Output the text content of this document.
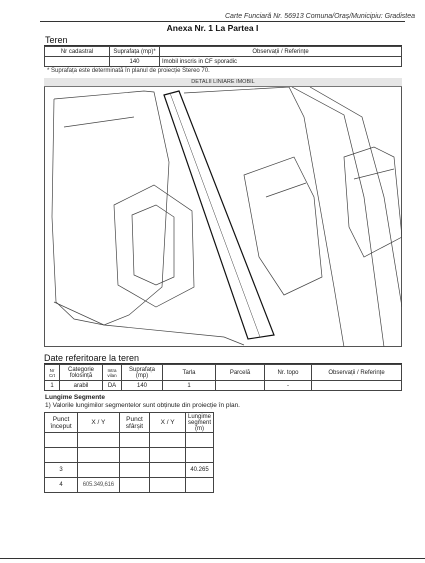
Carte Funciară Nr. 56913 Comuna/Oraș/Municipiu: Gradistea
Anexa Nr. 1 La Partea I
Teren
Nr cadastral	Suprafața (mp)*	Observații / Referințe
	140	Imobil inscris in CF sporadic
* Suprafața este determinată în planul de proiecție Stereo 70.
DETALII LINIARE IMOBIL
Date referitoare la teren
Nr Crt	Categorie folosință	Intra vilan	Suprafața (mp)	Tarla	Parcelă	Nr. topo	Observații / Referințe
1	arabil	DA	140	1		-	
Lungime Segmente
1) Valorile lungimilor segmentelor sunt obținute din proiecție în plan.
Punct început	X / Y	Punct sfârșit	X / Y	Lungime segment (m)

3				40.265
4	605.349,616			
